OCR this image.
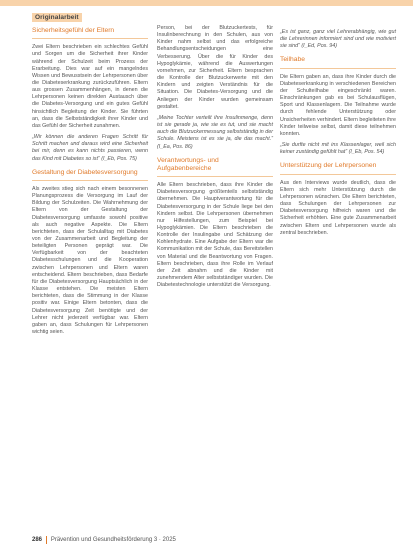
Originalarbeit
Sicherheitsgefühl der Eltern

Zwei Eltern beschrieben ein schlechtes Gefühl und Sorgen um die Sicherheit ihrer Kinder während der Schulzeit beim Prozess der Erarbeitung. Dies war auf ein mangelndes Wissen und Bewusstsein der Lehrpersonen über die Diabeteserkrankung zurückzuführen. Eltern aus grossen Zusammenhängen, in denen die Lehrpersonen keinen direkten Austausch über die Diabetes-Versorgung und ein gutes Gefühl hinsichtlich Begleitung der Kinder. Sie führten an, dass die Selbstständigkeit ihrer Kinder und das Gefühl der Sicherheit zunahmen.

„Wir können die anderen Fragen Schritt für Schritt machen und daraus wird eine Sicherheit bei mir, denn es kann nichts passieren, wenn das Kind mit Diabetes so ist“ (I_Eb, Pos. 75)

Gestaltung der Diabetesversorgung

Als zweites stieg sich nach einem besonnenen Planungsprozess die Versorgung im Lauf der Bildung der Schulzeiten. Die Wahrnehmung der Eltern von der Gestaltung der Diabetesversorgung umfasste sowohl positive als auch negative Aspekte. Die Eltern berichteten, dass der Schulalltag mit Diabetes von der Zusammenarbeit und Begleitung der beteiligten Personen geprägt war. Die Verfügbarkeit von der beachteten Diabetesschulungen und die Kooperation zwischen Lehrpersonen und Eltern waren entscheidend. Eltern beschrieben, dass Bedarfe für die Diabetesversorgung Hauptsächlich in der Klasse entstehen. Die meisten Eltern berichteten, dass die Stimmung in der Klasse positiv war. Einige Eltern betonten, dass die Diabetesversorgung Zeit benötigte und der Lehrer nicht jederzeit verfügbar war. Eltern gaben an, dass Schulungen für Lehrpersonen wichtig seien.

Person, bei der Blutzuckertests, für Insulinberechnung in den Schulen, aus von Kinder nahm selbst und das erfolgreiche Behandlungsentscheidungen eine Verbesserung. Über die für Kinder des Hypoglykämie, während die Auswertungen vornehmen, zur Sicherheit. Eltern besprachen die Kontrolle der Blutzuckerwerte mit den Kindern und zeigten Verständnis für die Situation. Die Diabetes-Versorgung und die Anliegen der Kinder wurden gemeinsam gestaltet.

„Meine Tochter verteilt ihre Insulinmenge, denn ist sie gerade ja, wie sie es tut, und sie macht auch die Blutzuckermessung selbstständig in der Schule. Meistens ist es sie ja, die das macht.“ (I_Ea, Pos. 86)

Verantwortungs- und Aufgabenbereiche

Alle Eltern beschrieben, dass ihre Kinder die Diabetesversorgung größtenteils selbstständig übernehmen. Die Hauptverantwortung für die Diabetesversorgung in der Schule liege bei den Kindern selbst. Die Lehrpersonen übernehmen nur Hilfestellungen, zum Beispiel bei Hypoglykämien. Die Eltern beschrieben die Kontrolle der Insulingabe und Schätzung der Kohlenhydrate. Eine Aufgabe der Eltern war die Kommunikation mit der Schule, das Bereitstellen von Material und die Beantwortung von Fragen. Eltern beschrieben, dass ihre Rolle im Verlauf der Zeit abnahm und die Kinder mit zunehmendem Alter selbstständiger wurden. Die Diabetestechnologie unterstützt die Versorgung.

„Es ist ganz, ganz viel Lehrerabhängig, wie gut die Lehrerinnen informiert sind und wie motiviert sie sind“ (I_Ed, Pos. 94)

Teilhabe

Die Eltern gaben an, dass ihre Kinder durch die Diabeteserkrankung in verschiedenen Bereichen der Schulteilhabe eingeschränkt waren. Einschränkungen gab es bei Schulausflügen, Sport und Klassenlagern. Die Teilnahme wurde durch fehlende Unterstützung oder Unsicherheiten verhindert. Eltern begleiteten ihre Kinder teilweise selbst, damit diese teilnehmen konnten.

„Sie durfte nicht mit ins Klassenlager, weil sich keiner zuständig gefühlt hat“ (I_Eb, Pos. 54)

Unterstützung der Lehrpersonen

Aus den Interviews wurde deutlich, dass die Eltern sich mehr Unterstützung durch die Lehrpersonen wünschen. Die Eltern berichteten, dass Schulungen der Lehrpersonen zur Diabetesversorgung hilfreich waren und die Sicherheit erhöhten. Eine gute Zusammenarbeit zwischen Eltern und Lehrpersonen wurde als zentral beschrieben.

286 Prävention und Gesundheitsförderung 3 · 2025
